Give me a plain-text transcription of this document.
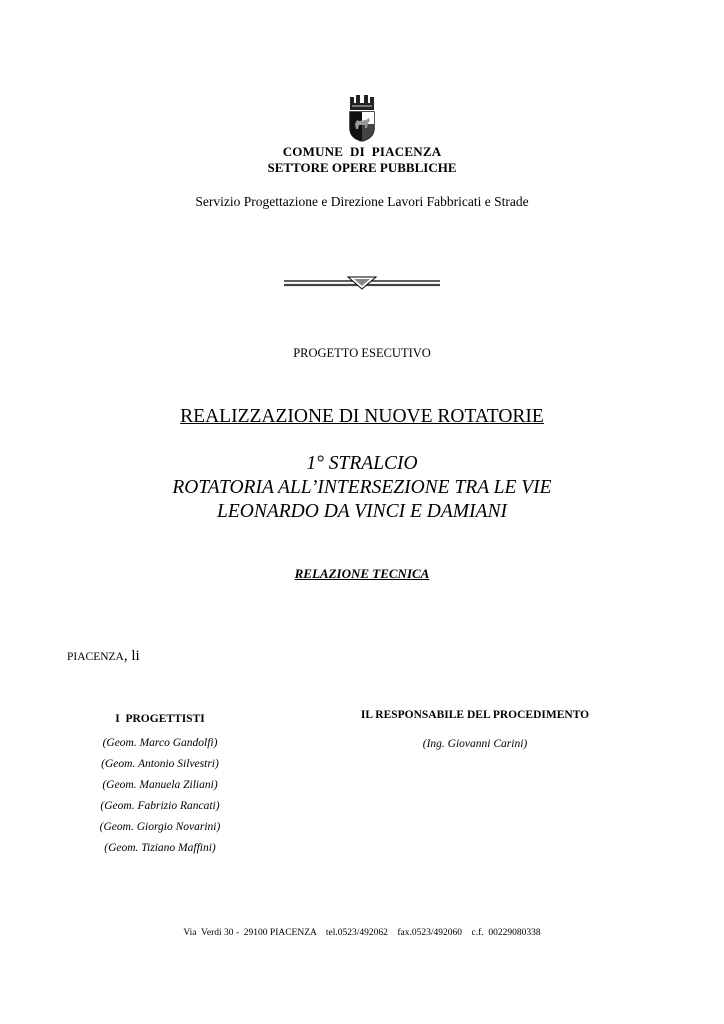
COMUNE  DI  PIACENZA
SETTORE OPERE PUBBLICHE
Servizio Progettazione e Direzione Lavori Fabbricati e Strade
PROGETTO ESECUTIVO
REALIZZAZIONE DI NUOVE ROTATORIE
1° STRALCIO
ROTATORIA ALL’INTERSEZIONE TRA LE VIE
LEONARDO DA VINCI E DAMIANI
RELAZIONE TECNICA
PIACENZA, li
I  PROGETTISTI
(Geom. Marco Gandolfi)
(Geom. Antonio Silvestri)
(Geom. Manuela Ziliani)
(Geom. Fabrizio Rancati)
(Geom. Giorgio Novarini)
(Geom. Tiziano Maffini)
IL RESPONSABILE DEL PROCEDIMENTO
(Ing. Giovanni Carini)
Via  Verdi 30 -  29100 PIACENZA    tel.0523/492062    fax.0523/492060    c.f.  00229080338
